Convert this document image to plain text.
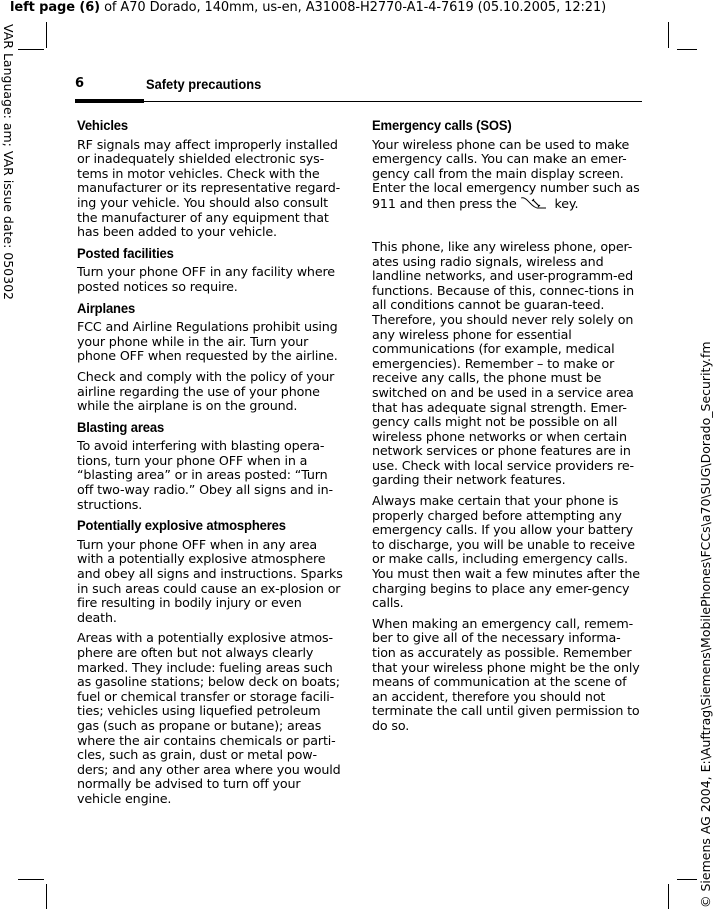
left page (6) of A70 Dorado, 140mm, us-en, A31008-H2770-A1-4-7619 (05.10.2005, 12:21)
VAR Language: am; VAR issue date: 050302
© Siemens AG 2004, E:\Auftrag\Siemens\MobilePhones\FCCs\a70\SUG\Dorado_Security.fm
6	Safety precautions
Vehicles

RF signals may affect improperly installed or inadequately shielded electronic sys-tems in motor vehicles. Check with the manufacturer or its representative regard-ing your vehicle. You should also consult the manufacturer of any equipment that has been added to your vehicle.

Posted facilities

Turn your phone OFF in any facility where posted notices so require.

Airplanes

FCC and Airline Regulations prohibit using your phone while in the air. Turn your phone OFF when requested by the airline.

Check and comply with the policy of your airline regarding the use of your phone while the airplane is on the ground.

Blasting areas

To avoid interfering with blasting opera-tions, turn your phone OFF when in a “blasting area” or in areas posted: “Turn off two-way radio.” Obey all signs and in-structions.

Potentially explosive atmospheres

Turn your phone OFF when in any area with a potentially explosive atmosphere and obey all signs and instructions. Sparks in such areas could cause an ex-plosion or fire resulting in bodily injury or even death.

Areas with a potentially explosive atmos-phere are often but not always clearly marked. They include: fueling areas such as gasoline stations; below deck on boats; fuel or chemical transfer or storage facili-ties; vehicles using liquefied petroleum gas (such as propane or butane); areas where the air contains chemicals or parti-cles, such as grain, dust or metal pow-ders; and any other area where you would normally be advised to turn off your vehicle engine.

Emergency calls (SOS)

Your wireless phone can be used to make emergency calls. You can make an emer-gency call from the main display screen. Enter the local emergency number such as 911 and then press the	key.

This phone, like any wireless phone, oper-ates using radio signals, wireless and landline networks, and user-programm-ed functions. Because of this, connec-tions in all conditions cannot be guaran-teed. Therefore, you should never rely solely on any wireless phone for essential communications (for example, medical emergencies). Remember – to make or receive any calls, the phone must be switched on and be used in a service area that has adequate signal strength. Emer-gency calls might not be possible on all wireless phone networks or when certain network services or phone features are in use. Check with local service providers re-garding their network features.

Always make certain that your phone is properly charged before attempting any emergency calls. If you allow your battery to discharge, you will be unable to receive or make calls, including emergency calls. You must then wait a few minutes after the charging begins to place any emer-gency calls.

When making an emergency call, remem-ber to give all of the necessary informa-tion as accurately as possible. Remember that your wireless phone might be the only means of communication at the scene of an accident, therefore you should not terminate the call until given permission to do so.
